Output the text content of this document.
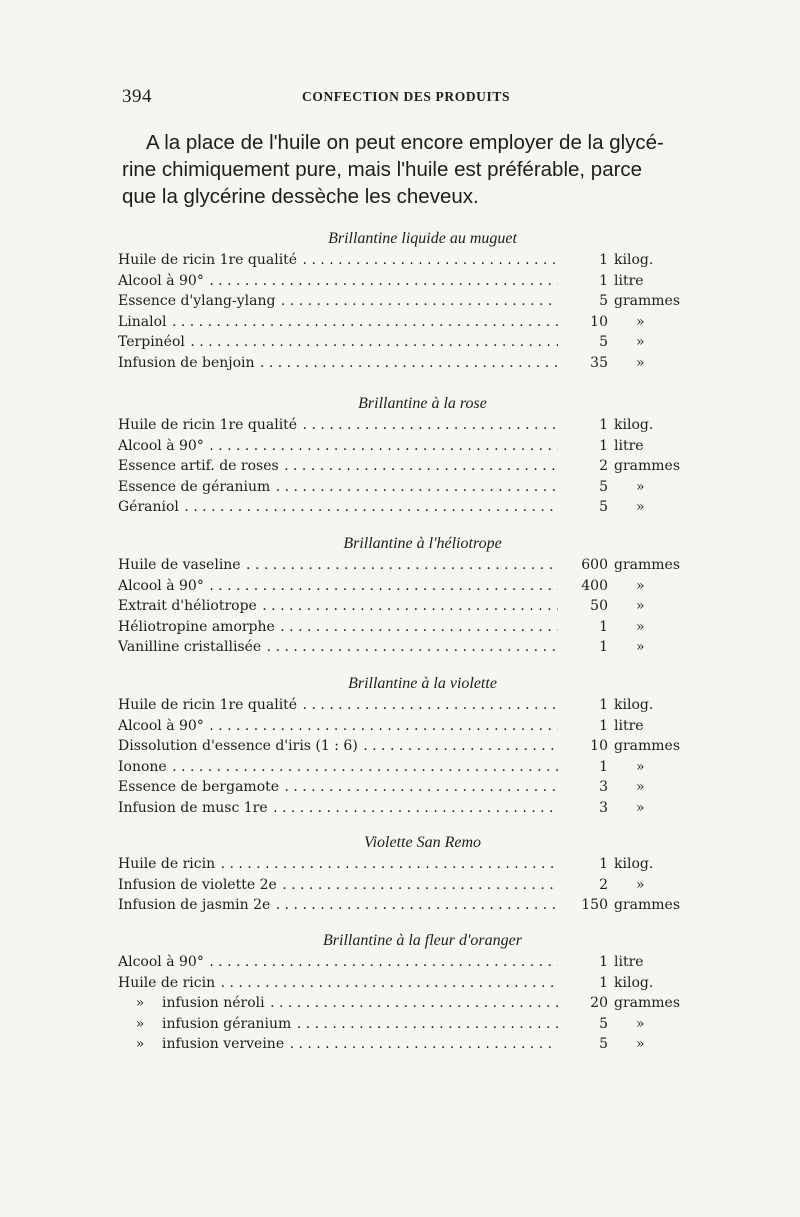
394	CONFECTION DES PRODUITS
A la place de l'huile on peut encore employer de la glycé-
rine chimiquement pure, mais l'huile est préférable, parce
que la glycérine dessèche les cheveux.
Brillantine liquide au muguet
Huile de ricin 1re qualité . . .	1 kilog.
Alcool à 90° . . .	1 litre
Essence d'ylang-ylang . . .	5 grammes
Linalol . . .	10	»
Terpinéol . . .	5	»
Infusion de benjoin . . .	35	»
Brillantine à la rose
Huile de ricin 1re qualité . . .	1 kilog.
Alcool à 90° . . .	1 litre
Essence artif. de roses . . .	2 grammes
Essence de géranium . . .	5	»
Géraniol . . .	5	»
Brillantine à l'héliotrope
Huile de vaseline . . .	600 grammes
Alcool à 90° . . .	400	»
Extrait d'héliotrope . . .	50	»
Héliotropine amorphe . . .	1	»
Vanilline cristallisée . . .	1	»
Brillantine à la violette
Huile de ricin 1re qualité . . .	1 kilog.
Alcool à 90° . . .	1 litre
Dissolution d'essence d'iris (1 : 6) . . .	10 grammes
Ionone . . .	1	»
Essence de bergamote . . .	3	»
Infusion de musc 1re . . .	3	»
Violette San Remo
Huile de ricin . . .	1 kilog.
Infusion de violette 2e . . .	2	»
Infusion de jasmin 2e . . .	150 grammes
Brillantine à la fleur d'oranger
Alcool à 90° . . .	1 litre
Huile de ricin . . .	1 kilog.
» infusion néroli . . .	20 grammes
» infusion géranium . . .	5	»
» infusion verveine . . .	5	»
